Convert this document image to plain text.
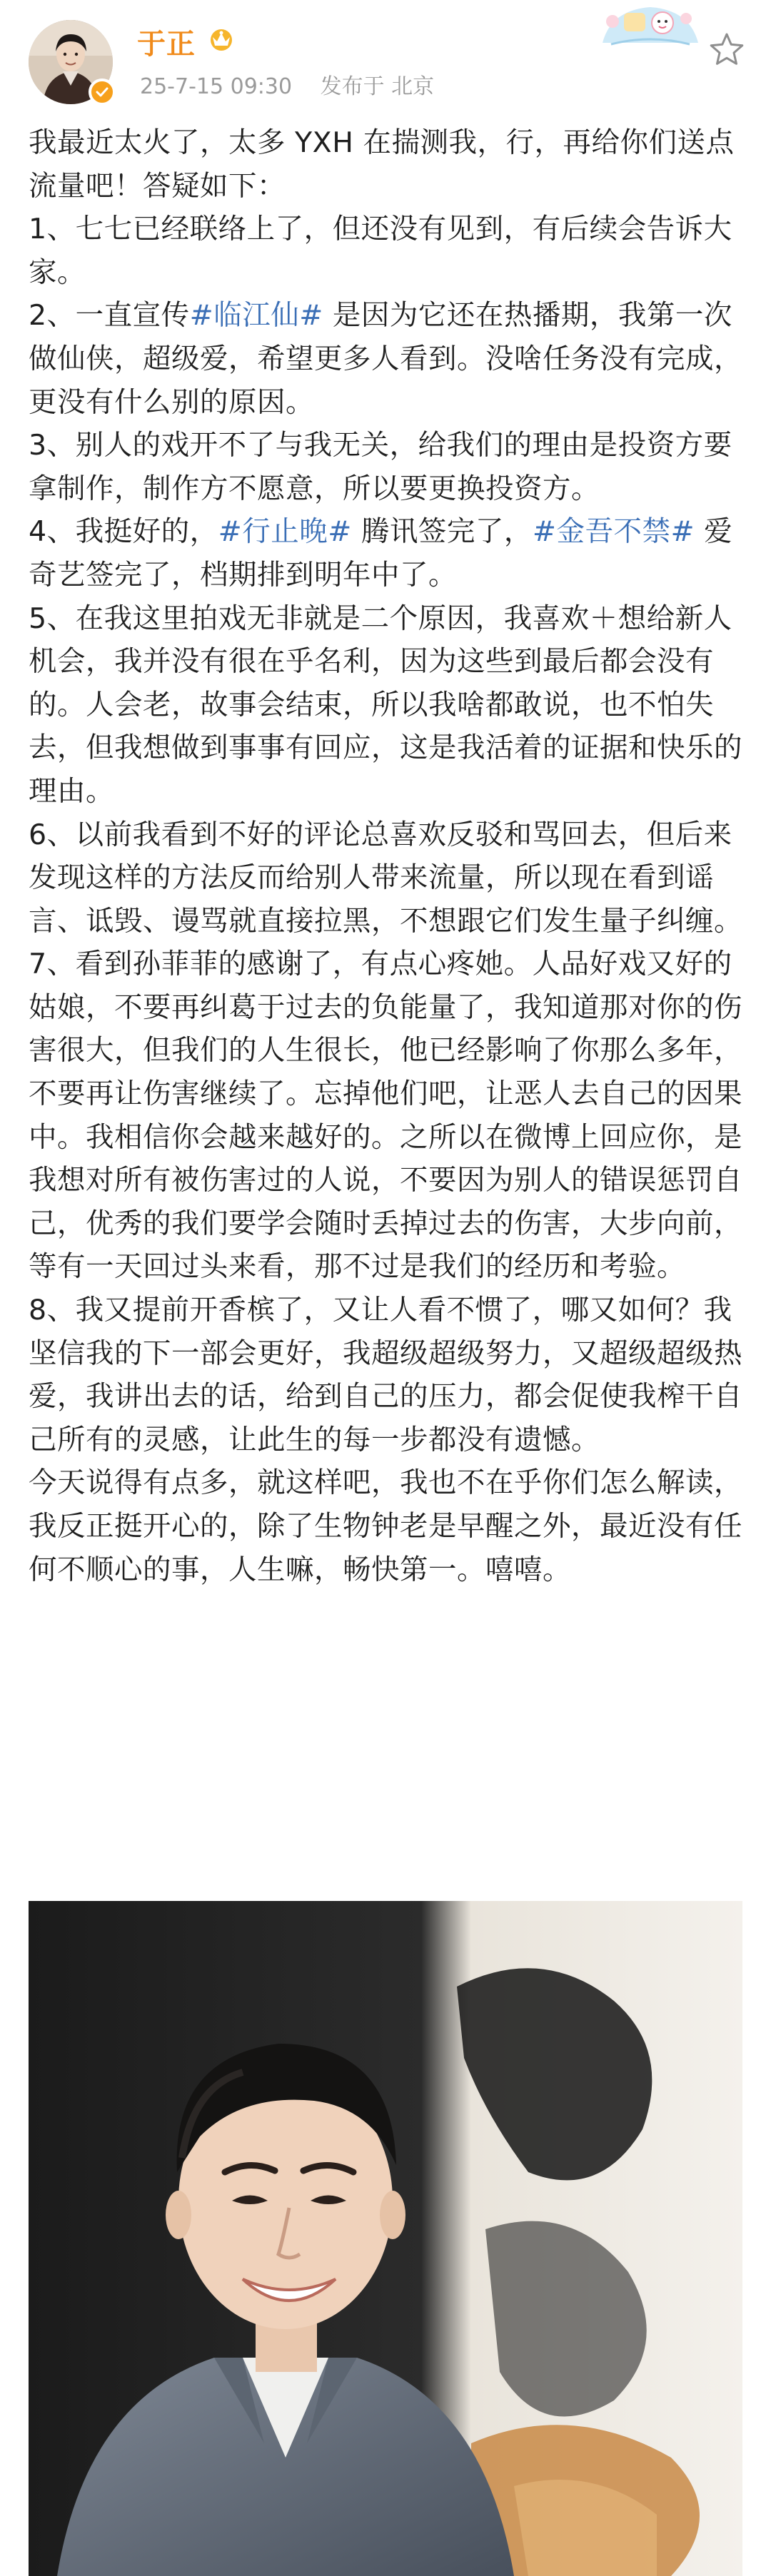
于正
25-7-15 09:30 发布于 北京

我最近太火了，太多 YXH 在揣测我，行，再给你们送点流量吧！答疑如下：

1、七七已经联络上了，但还没有见到，有后续会告诉大家。

2、一直宣传#临江仙# 是因为它还在热播期，我第一次做仙侠，超级爱，希望更多人看到。没啥任务没有完成，更没有什么别的原因。

3、别人的戏开不了与我无关，给我们的理由是投资方要拿制作，制作方不愿意，所以要更换投资方。

4、我挺好的，#行止晚# 腾讯签完了，#金吾不禁# 爱奇艺签完了，档期排到明年中了。

5、在我这里拍戏无非就是二个原因，我喜欢＋想给新人机会，我并没有很在乎名利，因为这些到最后都会没有的。人会老，故事会结束，所以我啥都敢说，也不怕失去，但我想做到事事有回应，这是我活着的证据和快乐的理由。

6、以前我看到不好的评论总喜欢反驳和骂回去，但后来发现这样的方法反而给别人带来流量，所以现在看到谣言、诋毁、谩骂就直接拉黑，不想跟它们发生量子纠缠。

7、看到孙菲菲的感谢了，有点心疼她。人品好戏又好的姑娘，不要再纠葛于过去的负能量了，我知道那对你的伤害很大，但我们的人生很长，他已经影响了你那么多年，不要再让伤害继续了。忘掉他们吧，让恶人去自己的因果中。我相信你会越来越好的。之所以在微博上回应你，是我想对所有被伤害过的人说，不要因为别人的错误惩罚自己，优秀的我们要学会随时丢掉过去的伤害，大步向前，等有一天回过头来看，那不过是我们的经历和考验。

8、我又提前开香槟了，又让人看不惯了，哪又如何？我坚信我的下一部会更好，我超级超级努力，又超级超级热爱，我讲出去的话，给到自己的压力，都会促使我榨干自己所有的灵感，让此生的每一步都没有遗憾。

今天说得有点多，就这样吧，我也不在乎你们怎么解读，我反正挺开心的，除了生物钟老是早醒之外，最近没有任何不顺心的事，人生嘛，畅快第一。嘻嘻。
